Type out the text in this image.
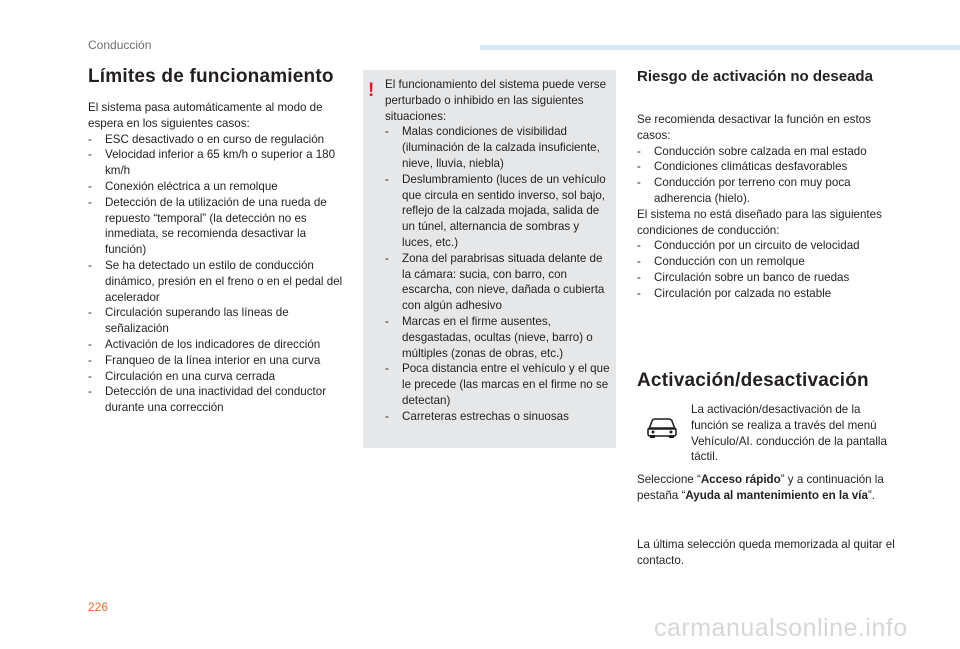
Conducción
Límites de funcionamiento
El sistema pasa automáticamente al modo de espera en los siguientes casos:
- ESC desactivado o en curso de regulación
- Velocidad inferior a 65 km/h o superior a 180 km/h
- Conexión eléctrica a un remolque
- Detección de la utilización de una rueda de repuesto “temporal” (la detección no es inmediata, se recomienda desactivar la función)
- Se ha detectado un estilo de conducción dinámico, presión en el freno o en el pedal del acelerador
- Circulación superando las líneas de señalización
- Activación de los indicadores de dirección
- Franqueo de la línea interior en una curva
- Circulación en una curva cerrada
- Detección de una inactividad del conductor durante una corrección
! El funcionamiento del sistema puede verse perturbado o inhibido en las siguientes situaciones:
- Malas condiciones de visibilidad (iluminación de la calzada insuficiente, nieve, lluvia, niebla)
- Deslumbramiento (luces de un vehículo que circula en sentido inverso, sol bajo, reflejo de la calzada mojada, salida de un túnel, alternancia de sombras y luces, etc.)
- Zona del parabrisas situada delante de la cámara: sucia, con barro, con escarcha, con nieve, dañada o cubierta con algún adhesivo
- Marcas en el firme ausentes, desgastadas, ocultas (nieve, barro) o múltiples (zonas de obras, etc.)
- Poca distancia entre el vehículo y el que le precede (las marcas en el firme no se detectan)
- Carreteras estrechas o sinuosas
Riesgo de activación no deseada
Se recomienda desactivar la función en estos casos:
- Conducción sobre calzada en mal estado
- Condiciones climáticas desfavorables
- Conducción por terreno con muy poca adherencia (hielo).
El sistema no está diseñado para las siguientes condiciones de conducción:
- Conducción por un circuito de velocidad
- Conducción con un remolque
- Circulación sobre un banco de ruedas
- Circulación por calzada no estable
Activación/desactivación
La activación/desactivación de la función se realiza a través del menú Vehículo/AI. conducción de la pantalla táctil.
Seleccione “Acceso rápido” y a continuación la pestaña “Ayuda al mantenimiento en la vía”.
La última selección queda memorizada al quitar el contacto.
226
carmanualsonline.info
